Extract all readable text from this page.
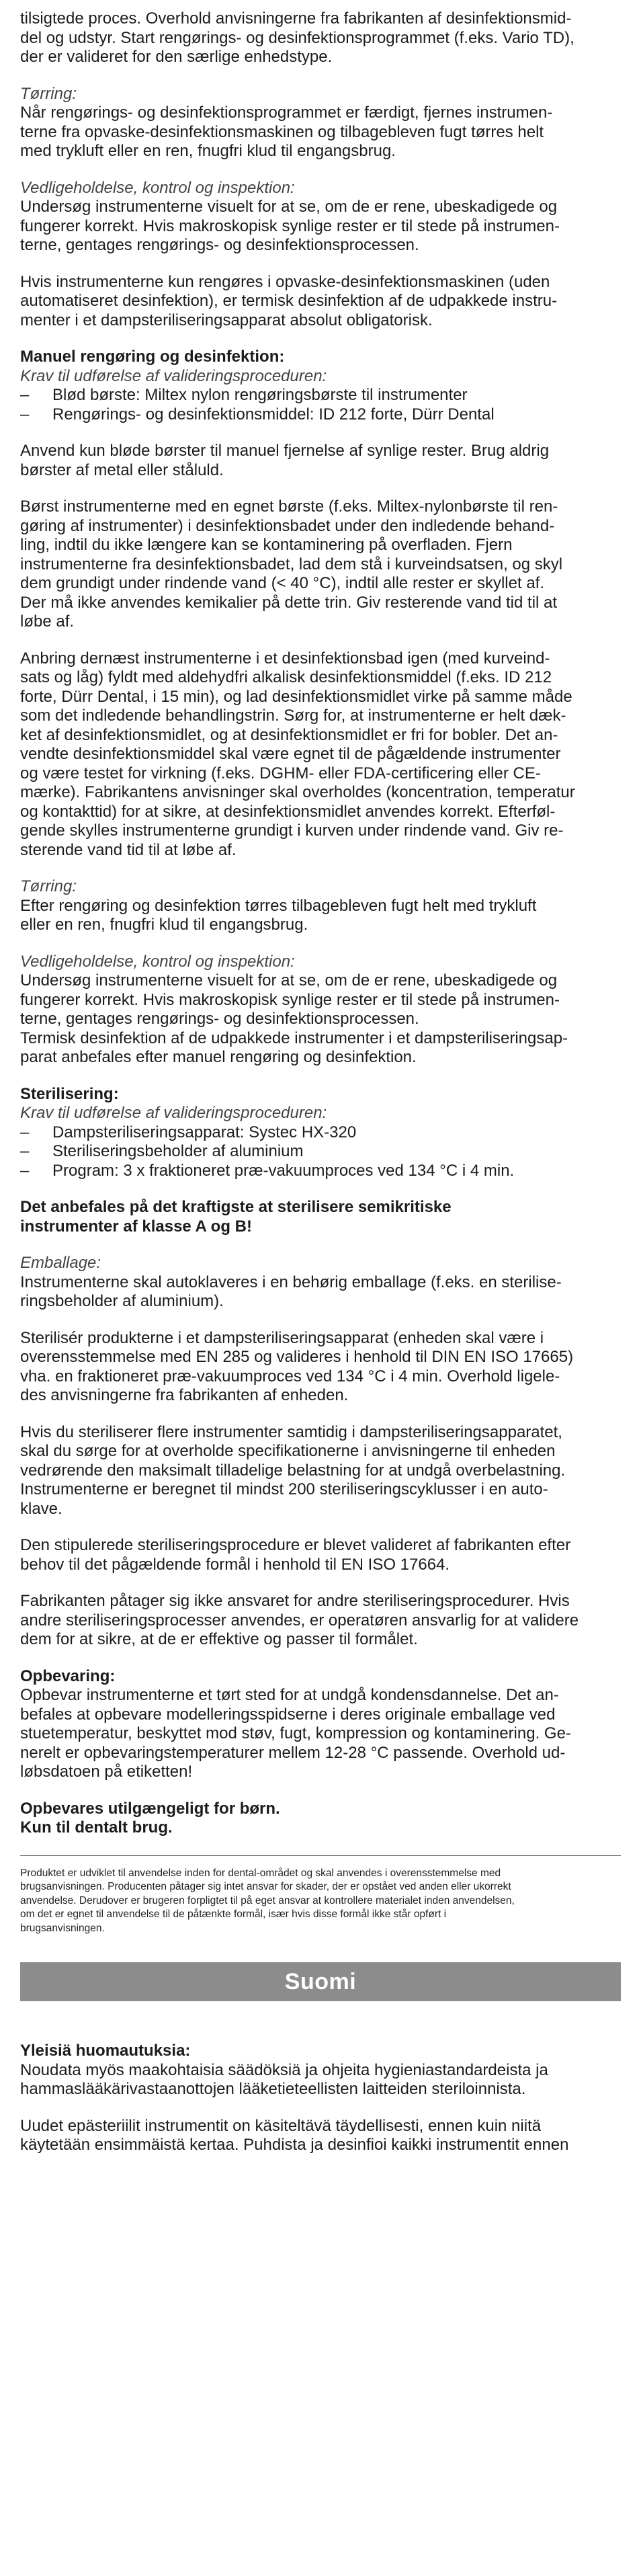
tilsigtede proces. Overhold anvisningerne fra fabrikanten af desinfektionsmid-

del og udstyr. Start rengørings- og desinfektionsprogrammet (f.eks. Vario TD),

der er valideret for den særlige enhedstype.

Tørring:

Når rengørings- og desinfektionsprogrammet er færdigt, fjernes instrumen-

terne fra opvaske-desinfektionsmaskinen og tilbagebleven fugt tørres helt

med trykluft eller en ren, fnugfri klud til engangsbrug.

Vedligeholdelse, kontrol og inspektion:

Undersøg instrumenterne visuelt for at se, om de er rene, ubeskadigede og

fungerer korrekt. Hvis makroskopisk synlige rester er til stede på instrumen-

terne, gentages rengørings- og desinfektionsprocessen.

Hvis instrumenterne kun rengøres i opvaske-desinfektionsmaskinen (uden

automatiseret desinfektion), er termisk desinfektion af de udpakkede instru-

menter i et dampsteriliseringsapparat absolut obligatorisk.

Manuel rengøring og desinfektion:

Krav til udførelse af valideringsproceduren:

–	Blød børste: Miltex nylon rengøringsbørste til instrumenter
–	Rengørings- og desinfektionsmiddel: ID 212 forte, Dürr Dental

Anvend kun bløde børster til manuel fjernelse af synlige rester. Brug aldrig

børster af metal eller ståluld.

Børst instrumenterne med en egnet børste (f.eks. Miltex-nylonbørste til ren-

gøring af instrumenter) i desinfektionsbadet under den indledende behand-

ling, indtil du ikke længere kan se kontaminering på overfladen. Fjern

instrumenterne fra desinfektionsbadet, lad dem stå i kurveindsatsen, og skyl

dem grundigt under rindende vand (< 40 °C), indtil alle rester er skyllet af.

Der må ikke anvendes kemikalier på dette trin. Giv resterende vand tid til at

løbe af.

Anbring dernæst instrumenterne i et desinfektionsbad igen (med kurveind-

sats og låg) fyldt med aldehydfri alkalisk desinfektionsmiddel (f.eks. ID 212

forte, Dürr Dental, i 15 min), og lad desinfektionsmidlet virke på samme måde

som det indledende behandlingstrin. Sørg for, at instrumenterne er helt dæk-

ket af desinfektionsmidlet, og at desinfektionsmidlet er fri for bobler. Det an-

vendte desinfektionsmiddel skal være egnet til de pågældende instrumenter

og være testet for virkning (f.eks. DGHM- eller FDA-certificering eller CE-

mærke). Fabrikantens anvisninger skal overholdes (koncentration, temperatur

og kontakttid) for at sikre, at desinfektionsmidlet anvendes korrekt. Efterføl-

gende skylles instrumenterne grundigt i kurven under rindende vand. Giv re-

sterende vand tid til at løbe af.

Tørring:

Efter rengøring og desinfektion tørres tilbagebleven fugt helt med trykluft

eller en ren, fnugfri klud til engangsbrug.

Vedligeholdelse, kontrol og inspektion:

Undersøg instrumenterne visuelt for at se, om de er rene, ubeskadigede og

fungerer korrekt. Hvis makroskopisk synlige rester er til stede på instrumen-

terne, gentages rengørings- og desinfektionsprocessen.

Termisk desinfektion af de udpakkede instrumenter i et dampsteriliseringsap-

parat anbefales efter manuel rengøring og desinfektion.

Sterilisering:

Krav til udførelse af valideringsproceduren:

–	Dampsteriliseringsapparat: Systec HX-320
–	Steriliseringsbeholder af aluminium
–	Program: 3 x fraktioneret præ-vakuumproces ved 134 °C i 4 min.

Det anbefales på det kraftigste at sterilisere semikritiske

instrumenter af klasse A og B!

Emballage:

Instrumenterne skal autoklaveres i en behørig emballage (f.eks. en sterilise-

ringsbeholder af aluminium).

Sterilisér produkterne i et dampsteriliseringsapparat (enheden skal være i

overensstemmelse med EN 285 og valideres i henhold til DIN EN ISO 17665)

vha. en fraktioneret præ-vakuumproces ved 134 °C i 4 min. Overhold ligele-

des anvisningerne fra fabrikanten af enheden.

Hvis du steriliserer flere instrumenter samtidig i dampsteriliseringsapparatet,

skal du sørge for at overholde specifikationerne i anvisningerne til enheden

vedrørende den maksimalt tilladelige belastning for at undgå overbelastning.

Instrumenterne er beregnet til mindst 200 steriliseringscyklusser i en auto-

klave.

Den stipulerede steriliseringsprocedure er blevet valideret af fabrikanten efter

behov til det pågældende formål i henhold til EN ISO 17664.

Fabrikanten påtager sig ikke ansvaret for andre steriliseringsprocedurer. Hvis

andre steriliseringsprocesser anvendes, er operatøren ansvarlig for at validere

dem for at sikre, at de er effektive og passer til formålet.

Opbevaring:

Opbevar instrumenterne et tørt sted for at undgå kondensdannelse. Det an-

befales at opbevare modelleringsspidserne i deres originale emballage ved

stuetemperatur, beskyttet mod støv, fugt, kompression og kontaminering. Ge-

nerelt er opbevaringstemperaturer mellem 12-28 °C passende. Overhold ud-

løbsdatoen på etiketten!

Opbevares utilgængeligt for børn.

Kun til dentalt brug.

Produktet er udviklet til anvendelse inden for dental-området og skal anvendes i overensstemmelse med

brugsanvisningen. Producenten påtager sig intet ansvar for skader, der er opstået ved anden eller ukorrekt

anvendelse. Derudover er brugeren forpligtet til på eget ansvar at kontrollere materialet inden anvendelsen,

om det er egnet til anvendelse til de påtænkte formål, især hvis disse formål ikke står opført i

brugsanvisningen.

Suomi

Yleisiä huomautuksia:

Noudata myös maakohtaisia säädöksiä ja ohjeita hygieniastandardeista ja

hammaslääkärivastaanottojen lääketieteellisten laitteiden steriloinnista.

Uudet epästeriilit instrumentit on käsiteltävä täydellisesti, ennen kuin niitä

käytetään ensimmäistä kertaa. Puhdista ja desinfioi kaikki instrumentit ennen
